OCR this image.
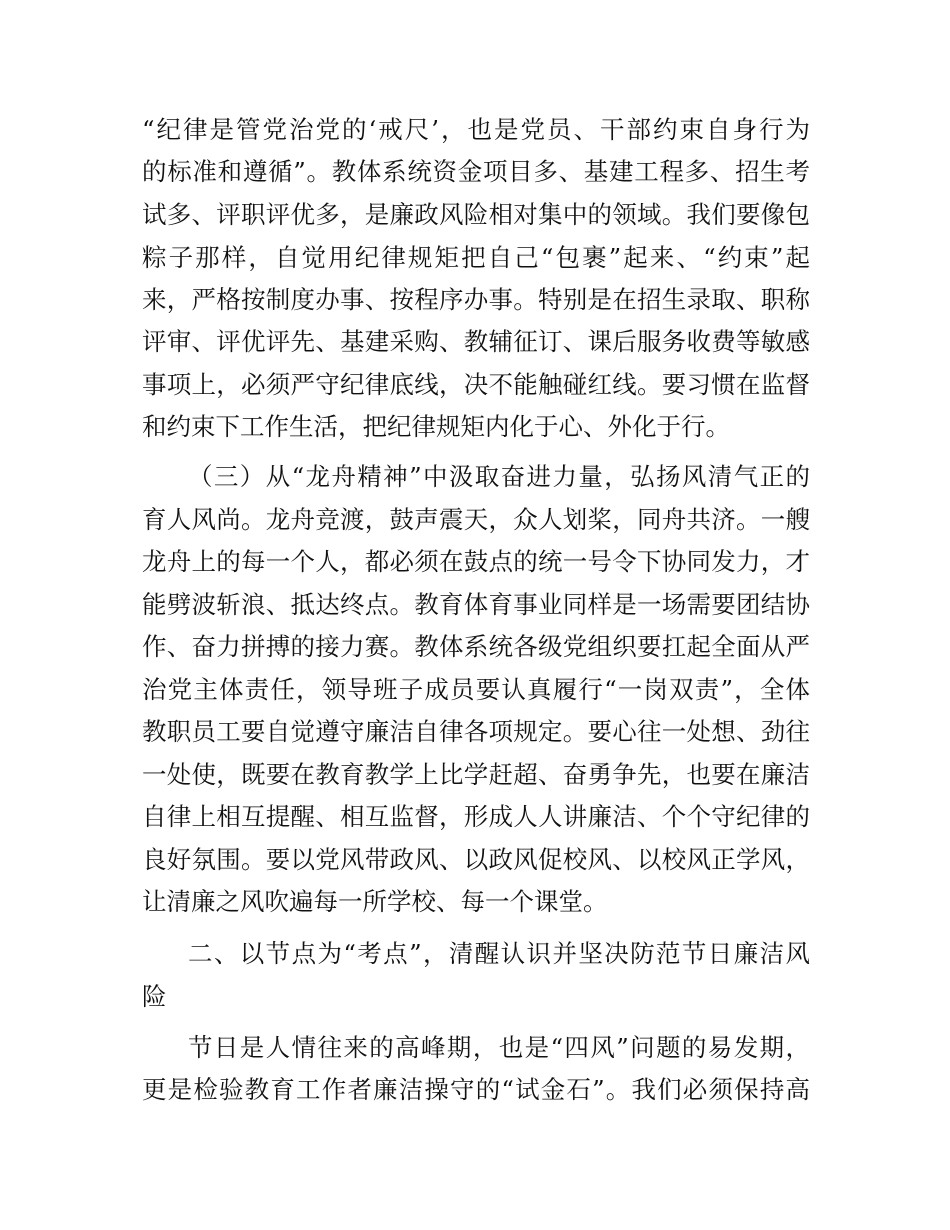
“纪律是管党治党的‘戒尺’，也是党员、干部约束自身行为
的标准和遵循”。教体系统资金项目多、基建工程多、招生考
试多、评职评优多，是廉政风险相对集中的领域。我们要像包
粽子那样，自觉用纪律规矩把自己“包裹”起来、“约束”起
来，严格按制度办事、按程序办事。特别是在招生录取、职称
评审、评优评先、基建采购、教辅征订、课后服务收费等敏感
事项上，必须严守纪律底线，决不能触碰红线。要习惯在监督
和约束下工作生活，把纪律规矩内化于心、外化于行。
（三）从“龙舟精神”中汲取奋进力量，弘扬风清气正的
育人风尚。龙舟竞渡，鼓声震天，众人划桨，同舟共济。一艘
龙舟上的每一个人，都必须在鼓点的统一号令下协同发力，才
能劈波斩浪、抵达终点。教育体育事业同样是一场需要团结协
作、奋力拼搏的接力赛。教体系统各级党组织要扛起全面从严
治党主体责任，领导班子成员要认真履行“一岗双责”，全体
教职员工要自觉遵守廉洁自律各项规定。要心往一处想、劲往
一处使，既要在教育教学上比学赶超、奋勇争先，也要在廉洁
自律上相互提醒、相互监督，形成人人讲廉洁、个个守纪律的
良好氛围。要以党风带政风、以政风促校风、以校风正学风，
让清廉之风吹遍每一所学校、每一个课堂。
二、以节点为“考点”，清醒认识并坚决防范节日廉洁风
险
节日是人情往来的高峰期，也是“四风”问题的易发期，
更是检验教育工作者廉洁操守的“试金石”。我们必须保持高
